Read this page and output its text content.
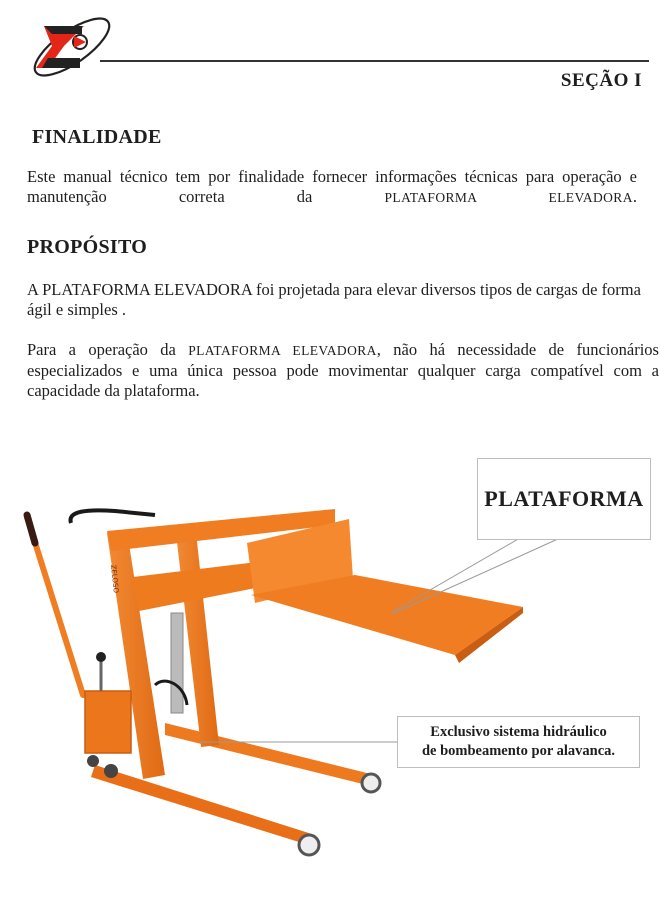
SEÇÃO I
FINALIDADE

Este manual técnico tem por finalidade fornecer informações técnicas para operação e manutenção correta da PLATAFORMA ELEVADORA.

PROPÓSITO

A PLATAFORMA ELEVADORA foi projetada para elevar diversos tipos de cargas de forma ágil e simples .

Para a operação da PLATAFORMA ELEVADORA, não há necessidade de funcionários especializados e uma única pessoa pode movimentar qualquer carga compatível com a capacidade da plataforma.

ZELOSO
PLATAFORMA
Exclusivo sistema hidráulico
de bombeamento por alavanca.
